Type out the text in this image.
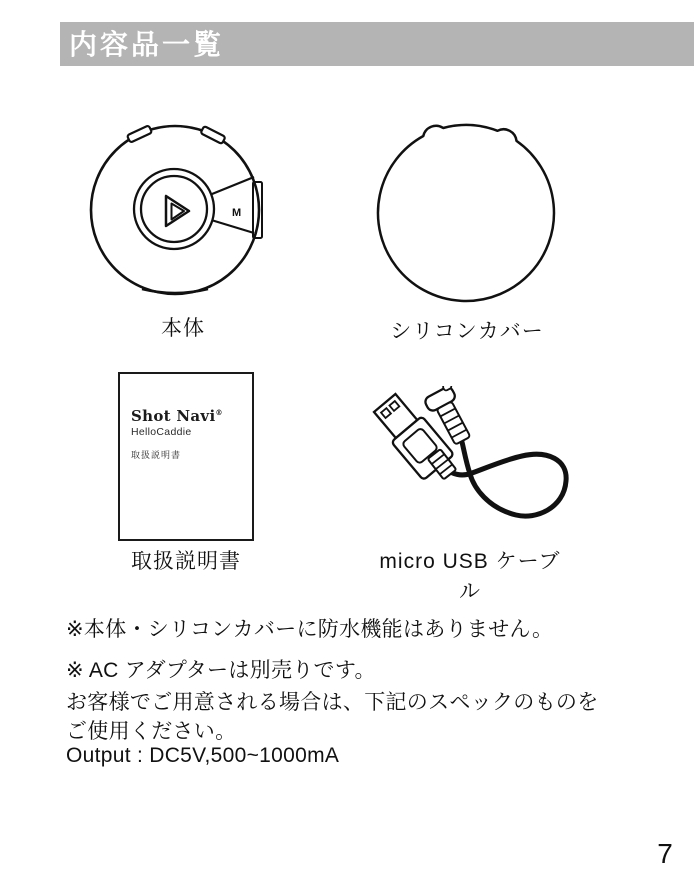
内容品一覧
M
本体	シリコンカバー
Shot Navi®
HelloCaddie
取扱説明書
取扱説明書	micro USB ケーブル
※本体・シリコンカバーに防水機能はありません。
※ AC アダプターは別売りです。
お客様でご用意される場合は、下記のスペックのものを
ご使用ください。
Output : DC5V,500~1000mA
7
